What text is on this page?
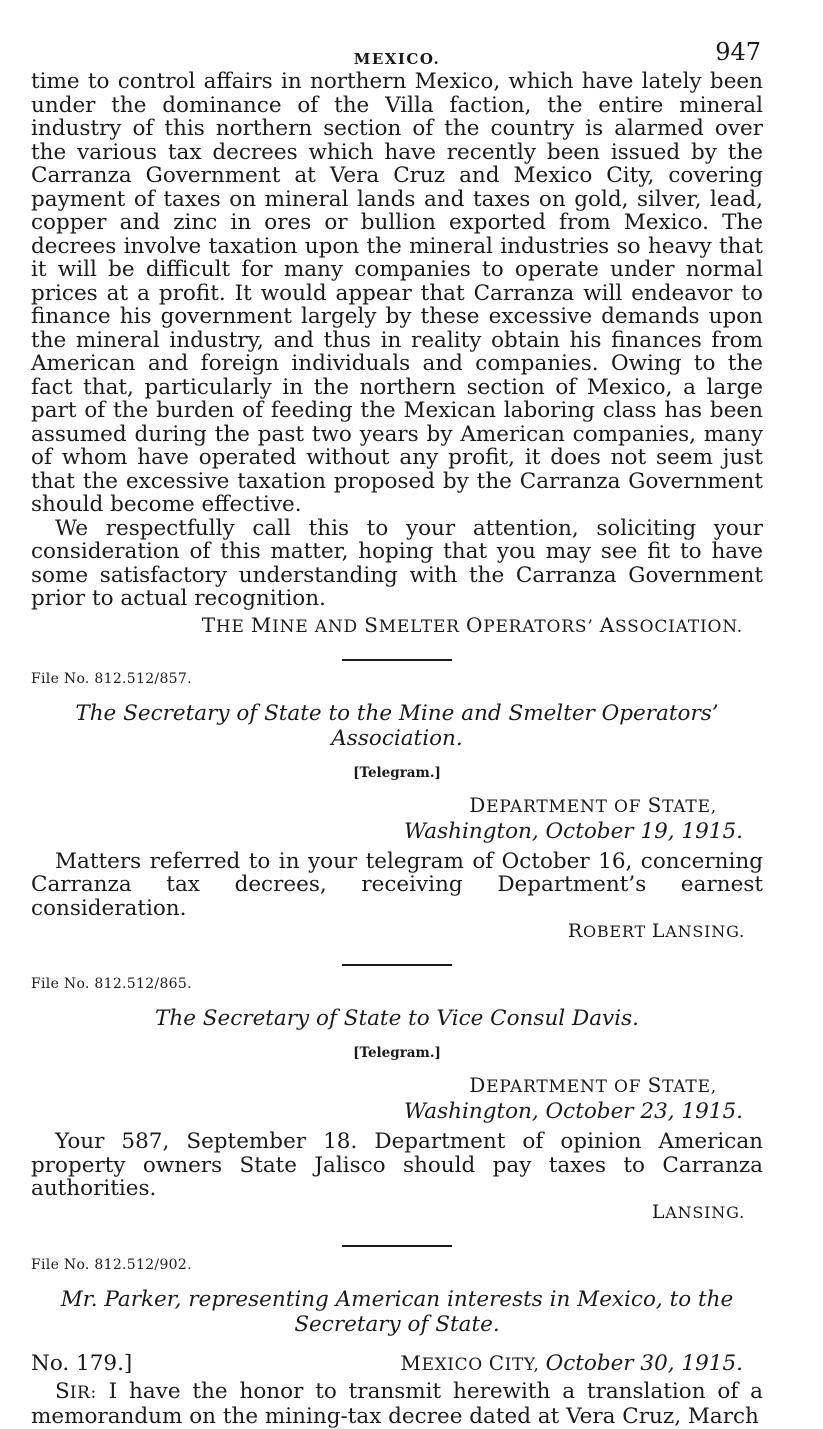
MEXICO.	947

time to control affairs in northern Mexico, which have lately been under the dominance of the Villa faction, the entire mineral industry of this northern section of the country is alarmed over the various tax decrees which have recently been issued by the Carranza Government at Vera Cruz and Mexico City, covering payment of taxes on mineral lands and taxes on gold, silver, lead, copper and zinc in ores or bullion exported from Mexico. The decrees involve taxation upon the mineral industries so heavy that it will be difficult for many companies to operate under normal prices at a profit. It would appear that Carranza will endeavor to finance his government largely by these excessive demands upon the mineral industry, and thus in reality obtain his finances from American and foreign individuals and companies. Owing to the fact that, particularly in the northern section of Mexico, a large part of the burden of feeding the Mexican laboring class has been assumed during the past two years by American companies, many of whom have operated without any profit, it does not seem just that the excessive taxation proposed by the Carranza Government should become effective.

We respectfully call this to your attention, soliciting your consideration of this matter, hoping that you may see fit to have some satisfactory understanding with the Carranza Government prior to actual recognition.

THE MINE AND SMELTER OPERATORS’ ASSOCIATION.

File No. 812.512/857.

The Secretary of State to the Mine and Smelter Operators’ Association.

[Telegram.]

DEPARTMENT OF STATE,
Washington, October 19, 1915.

Matters referred to in your telegram of October 16, concerning Carranza tax decrees, receiving Department’s earnest consideration.

ROBERT LANSING.

File No. 812.512/865.

The Secretary of State to Vice Consul Davis.

[Telegram.]

DEPARTMENT OF STATE,
Washington, October 23, 1915.

Your 587, September 18. Department of opinion American property owners State Jalisco should pay taxes to Carranza authorities.

LANSING.

File No. 812.512/902.

Mr. Parker, representing American interests in Mexico, to the Secretary of State.

No. 179.]	MEXICO CITY, October 30, 1915.

SIR: I have the honor to transmit herewith a translation of a memorandum on the mining-tax decree dated at Vera Cruz, March
